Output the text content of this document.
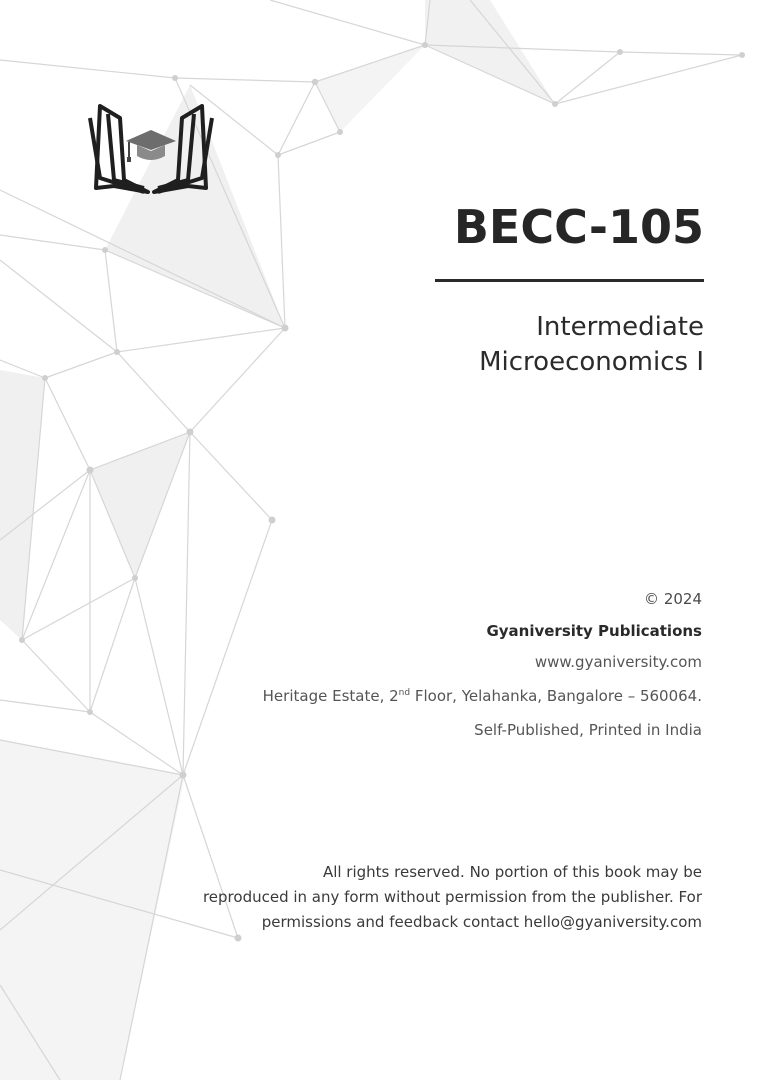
BECC-105
Intermediate
Microeconomics I
© 2024
Gyaniversity Publications
www.gyaniversity.com
Heritage Estate, 2nd Floor, Yelahanka, Bangalore – 560064.
Self-Published, Printed in India
All rights reserved. No portion of this book may be
reproduced in any form without permission from the publisher. For
permissions and feedback contact hello@gyaniversity.com
